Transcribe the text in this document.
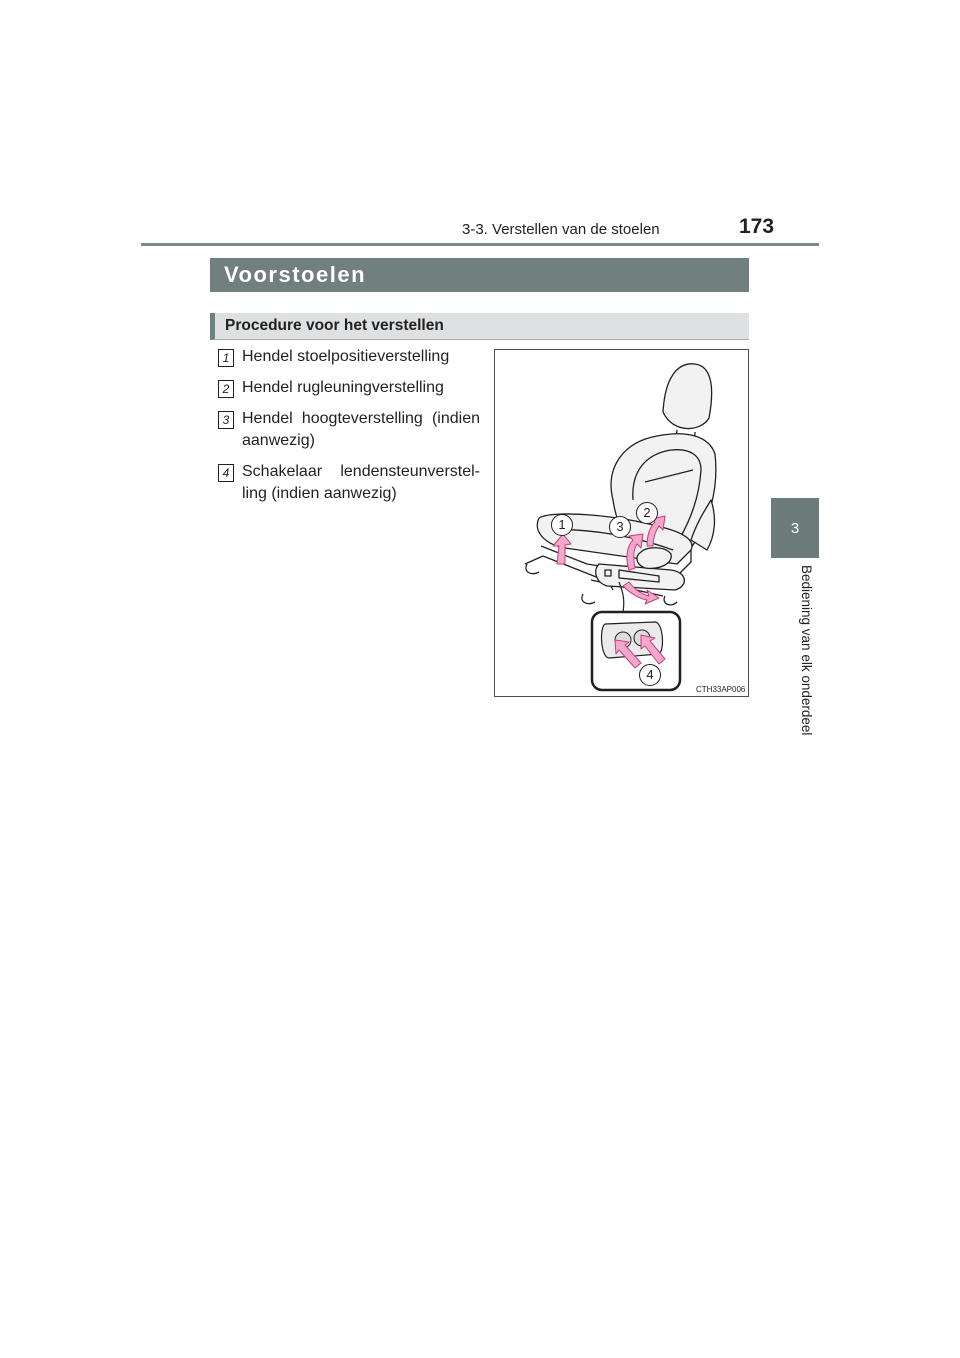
3-3. Verstellen van de stoelen	173
3
Bediening van elk onderdeel
Voorstoelen
Procedure voor het verstellen
1 Hendel stoelpositieverstelling
2 Hendel rugleuningverstelling
3 Hendel hoogteverstelling (indien aanwezig)
4 Schakelaar lendensteunverstel-ling (indien aanwezig)
1
2
3
4
CTH33AP006
